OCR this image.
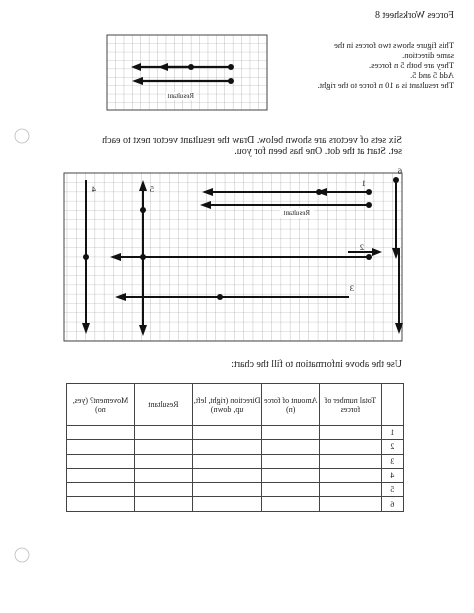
Forces Worksheet 8
This figure shows two forces in the
same direction.
They are both 5 n forces.
Add 5 and 5.
The resultant is a 10 n force to the right.
Resultant
Six sets of vectors are shown below. Draw the resultant vector next to each
set. Start at the dot. One has been for you.
Resultant
1
2
3
4	5
6
Use the above information to fill the chart:
	Total number of forces	Amount of force (n)	Direction (right, left, up, down)	Resultant	Movement? (yes, no)
1					
2					
3					
4					
5					
6					
